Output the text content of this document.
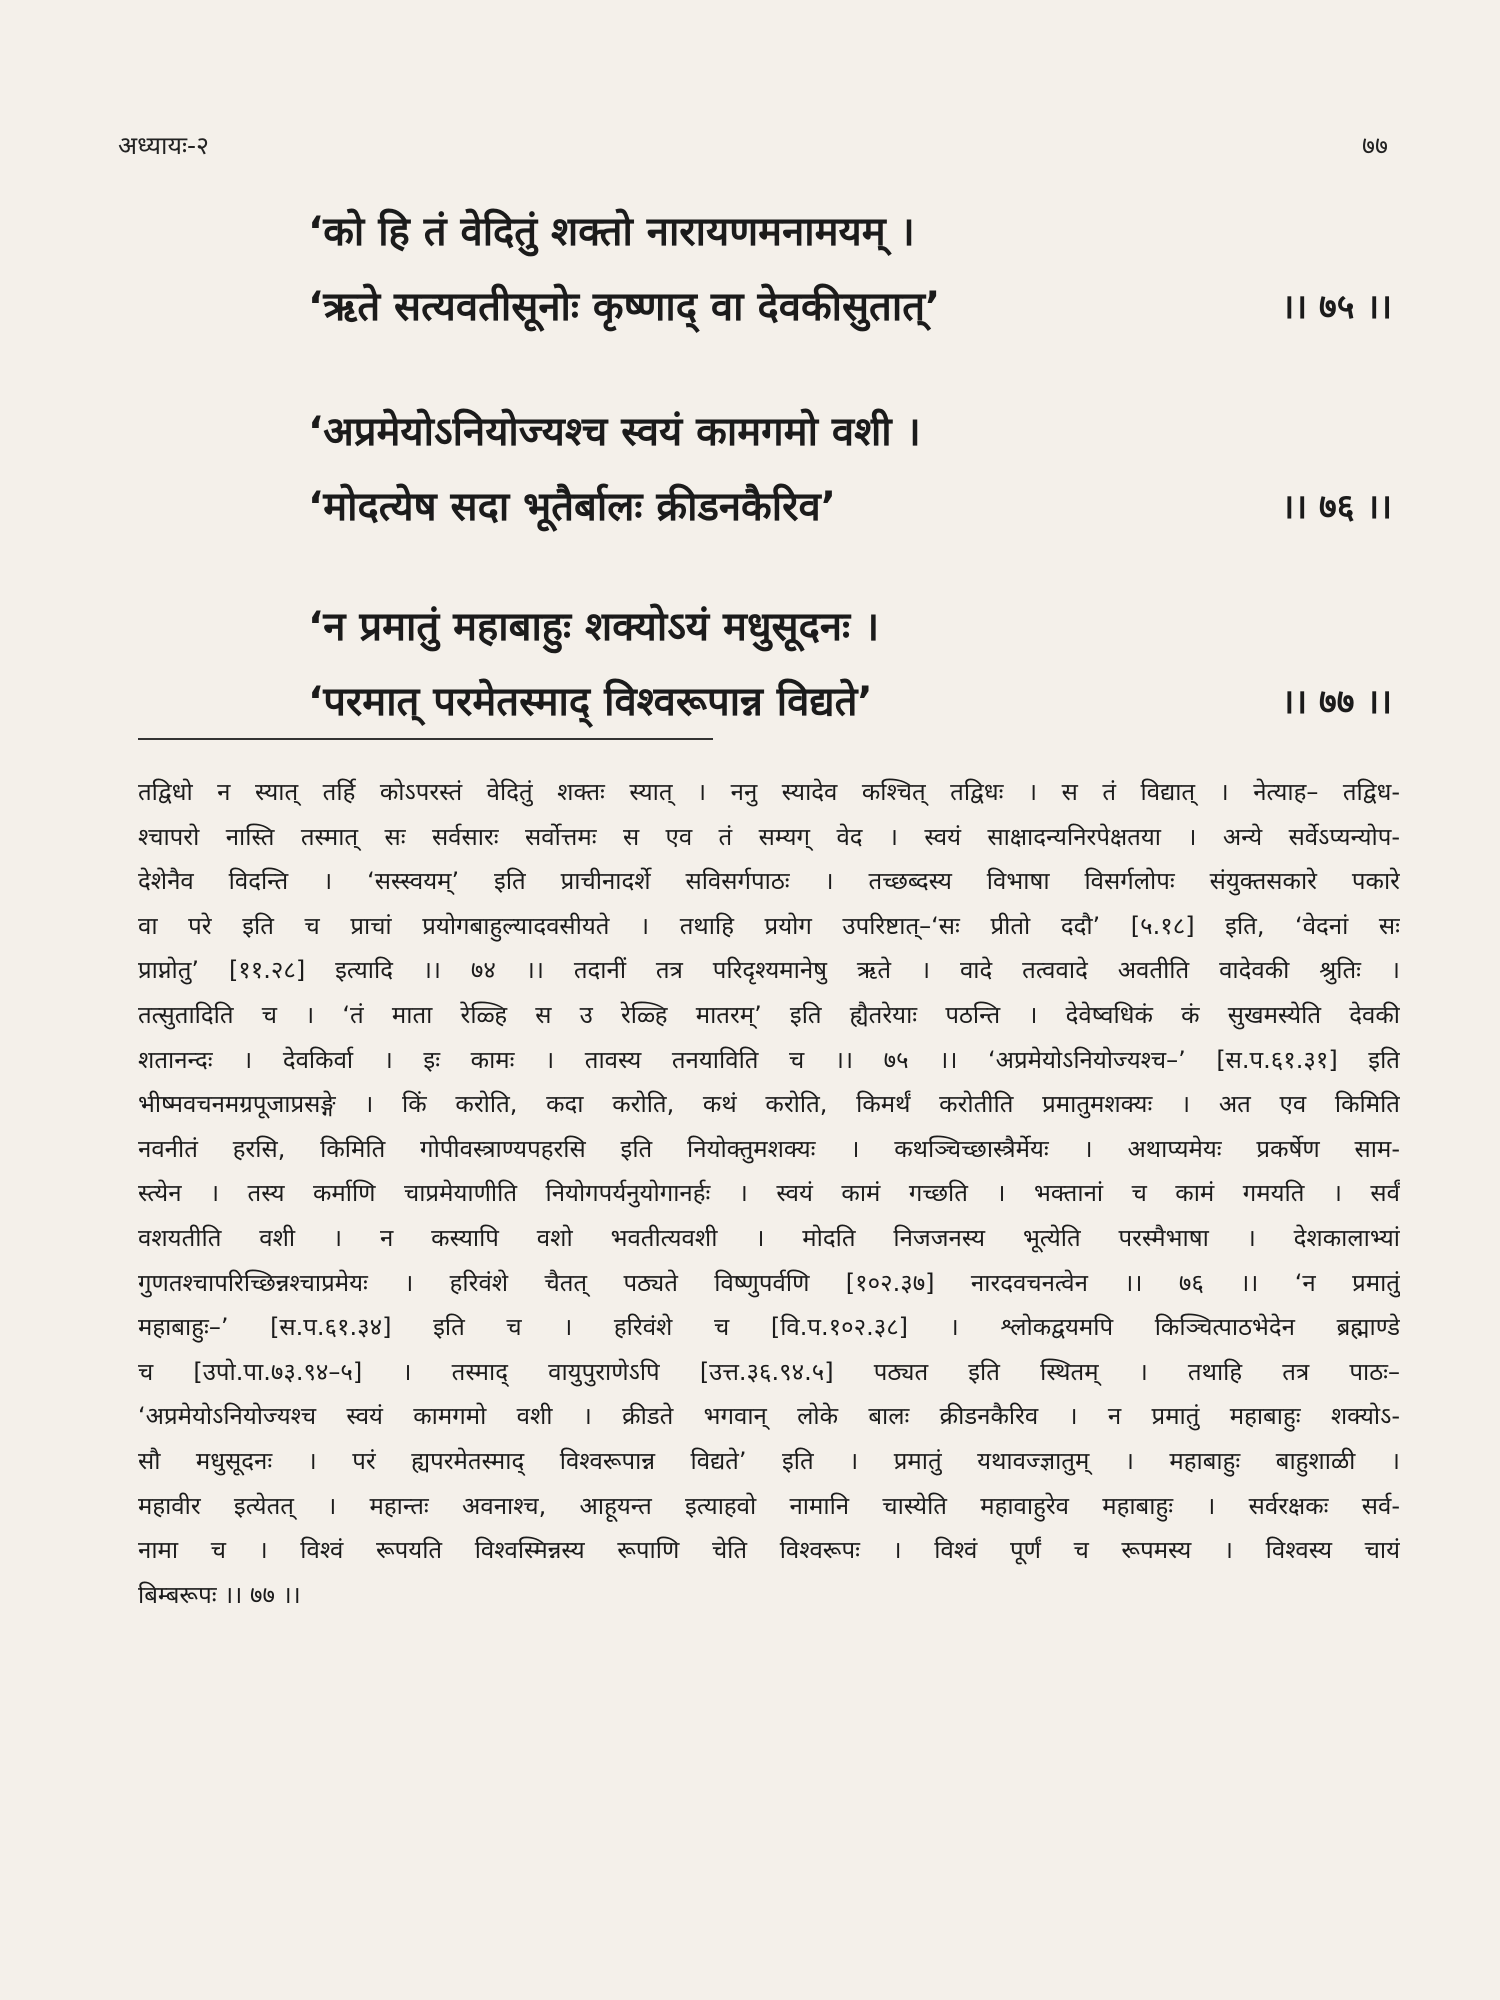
अध्यायः-२	७७
‘को हि तं वेदितुं शक्तो नारायणमनामयम् ।
‘ऋते सत्यवतीसूनोः कृष्णाद् वा देवकीसुतात्’	।। ७५ ।।
‘अप्रमेयोऽनियोज्यश्च स्वयं कामगमो वशी ।
‘मोदत्येष सदा भूतैर्बालः क्रीडनकैरिव’	।। ७६ ।।
‘न प्रमातुं महाबाहुः शक्योऽयं मधुसूदनः ।
‘परमात् परमेतस्माद् विश्वरूपान्न विद्यते’	।। ७७ ।।
तद्विधो न स्यात् तर्हि कोऽपरस्तं वेदितुं शक्तः स्यात् । ननु स्यादेव कश्चित् तद्विधः । स तं विद्यात् । नेत्याह– तद्विध-
श्चापरो नास्ति तस्मात् सः सर्वसारः सर्वोत्तमः स एव तं सम्यग् वेद । स्वयं साक्षादन्यनिरपेक्षतया । अन्ये सर्वेऽप्यन्योप-
देशेनैव विदन्ति । ‘सस्स्वयम्’ इति प्राचीनादर्शे सविसर्गपाठः । तच्छब्दस्य विभाषा विसर्गलोपः संयुक्तसकारे पकारे
वा परे इति च प्राचां प्रयोगबाहुल्यादवसीयते । तथाहि प्रयोग उपरिष्टात्–‘सः प्रीतो ददौ’ [५.१८] इति, ‘वेदनां सः
प्राप्नोतु’ [११.२८] इत्यादि ।। ७४ ।। तदानीं तत्र परिदृश्यमानेषु ऋते । वादे तत्ववादे अवतीति वादेवकी श्रुतिः ।
तत्सुतादिति च । ‘तं माता रेळ्हि स उ रेळ्हि मातरम्’ इति ह्यैतरेयाः पठन्ति । देवेष्वधिकं कं सुखमस्येति देवकी
शतानन्दः । देवकिर्वा । इः कामः । तावस्य तनयाविति च ।। ७५ ।। ‘अप्रमेयोऽनियोज्यश्च–’ [स.प.६१.३१] इति
भीष्मवचनमग्रपूजाप्रसङ्गे । किं करोति, कदा करोति, कथं करोति, किमर्थं करोतीति प्रमातुमशक्यः । अत एव किमिति
नवनीतं हरसि, किमिति गोपीवस्त्राण्यपहरसि इति नियोक्तुमशक्यः । कथञ्चिच्छास्त्रैर्मेयः । अथाप्यमेयः प्रकर्षेण साम-
स्त्येन । तस्य कर्माणि चाप्रमेयाणीति नियोगपर्यनुयोगानर्हः । स्वयं कामं गच्छति । भक्तानां च कामं गमयति । सर्वं
वशयतीति वशी । न कस्यापि वशो भवतीत्यवशी । मोदति निजजनस्य भूत्येति परस्मैभाषा । देशकालाभ्यां
गुणतश्चापरिच्छिन्नश्चाप्रमेयः । हरिवंशे चैतत् पठ्यते विष्णुपर्वणि [१०२.३७] नारदवचनत्वेन ।। ७६ ।। ‘न प्रमातुं
महाबाहुः–’ [स.प.६१.३४] इति च । हरिवंशे च [वि.प.१०२.३८] । श्लोकद्वयमपि किञ्चित्पाठभेदेन ब्रह्माण्डे
च [उपो.पा.७३.९४–५] । तस्माद् वायुपुराणेऽपि [उत्त.३६.९४.५] पठ्यत इति स्थितम् । तथाहि तत्र पाठः–
‘अप्रमेयोऽनियोज्यश्च स्वयं कामगमो वशी । क्रीडते भगवान् लोके बालः क्रीडनकैरिव । न प्रमातुं महाबाहुः शक्योऽ-
सौ मधुसूदनः । परं ह्यपरमेतस्माद् विश्वरूपान्न विद्यते’ इति । प्रमातुं यथावज्ज्ञातुम् । महाबाहुः बाहुशाळी ।
महावीर इत्येतत् । महान्तः अवनाश्च, आहूयन्त इत्याहवो नामानि चास्येति महावाहुरेव महाबाहुः । सर्वरक्षकः सर्व-
नामा च । विश्वं रूपयति विश्वस्मिन्नस्य रूपाणि चेति विश्वरूपः । विश्वं पूर्णं च रूपमस्य । विश्वस्य चायं
बिम्बरूपः ।। ७७ ।।
